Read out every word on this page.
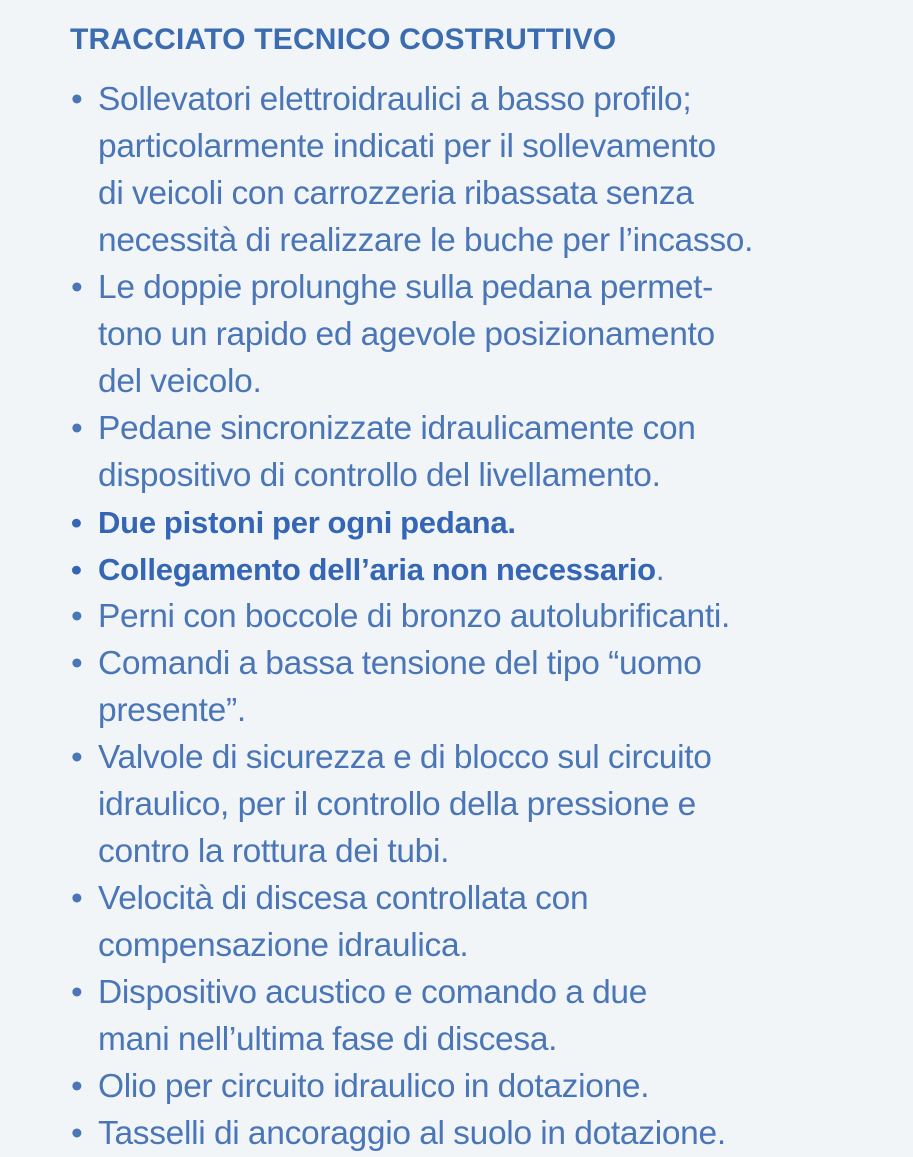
TRACCIATO TECNICO COSTRUTTIVO
• Sollevatori elettroidraulici a basso profilo;
particolarmente indicati per il sollevamento
di veicoli con carrozzeria ribassata senza
necessità di realizzare le buche per l’incasso.
• Le doppie prolunghe sulla pedana permet-
tono un rapido ed agevole posizionamento
del veicolo.
• Pedane sincronizzate idraulicamente con
dispositivo di controllo del livellamento.
• Due pistoni per ogni pedana.
• Collegamento dell’aria non necessario.
• Perni con boccole di bronzo autolubrificanti.
• Comandi a bassa tensione del tipo “uomo
presente”.
• Valvole di sicurezza e di blocco sul circuito
idraulico, per il controllo della pressione e
contro la rottura dei tubi.
• Velocità di discesa controllata con
compensazione idraulica.
• Dispositivo acustico e comando a due
mani nell’ultima fase di discesa.
• Olio per circuito idraulico in dotazione.
• Tasselli di ancoraggio al suolo in dotazione.
